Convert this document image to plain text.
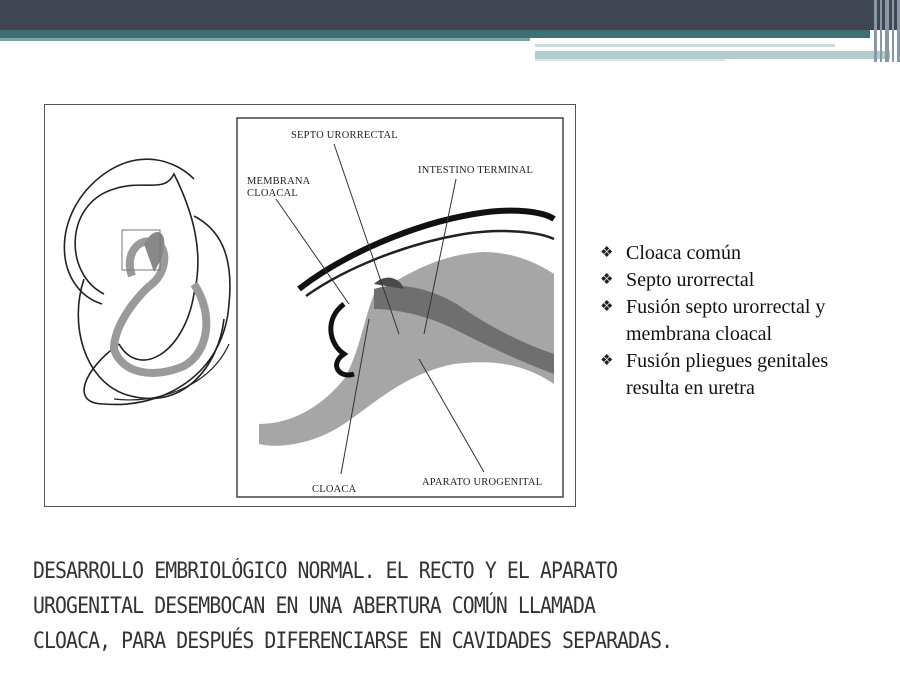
SEPTO URORRECTAL
INTESTINO TERMINAL
MEMBRANA
CLOACAL
CLOACA
APARATO UROGENITAL
❖ Cloaca común
❖ Septo urorrectal
❖ Fusión septo urorrectal y
membrana cloacal
❖ Fusión pliegues genitales
resulta en uretra

DESARROLLO EMBRIOLÓGICO NORMAL. EL RECTO Y EL APARATO
UROGENITAL DESEMBOCAN EN UNA ABERTURA COMÚN LLAMADA
CLOACA, PARA DESPUÉS DIFERENCIARSE EN CAVIDADES SEPARADAS.
